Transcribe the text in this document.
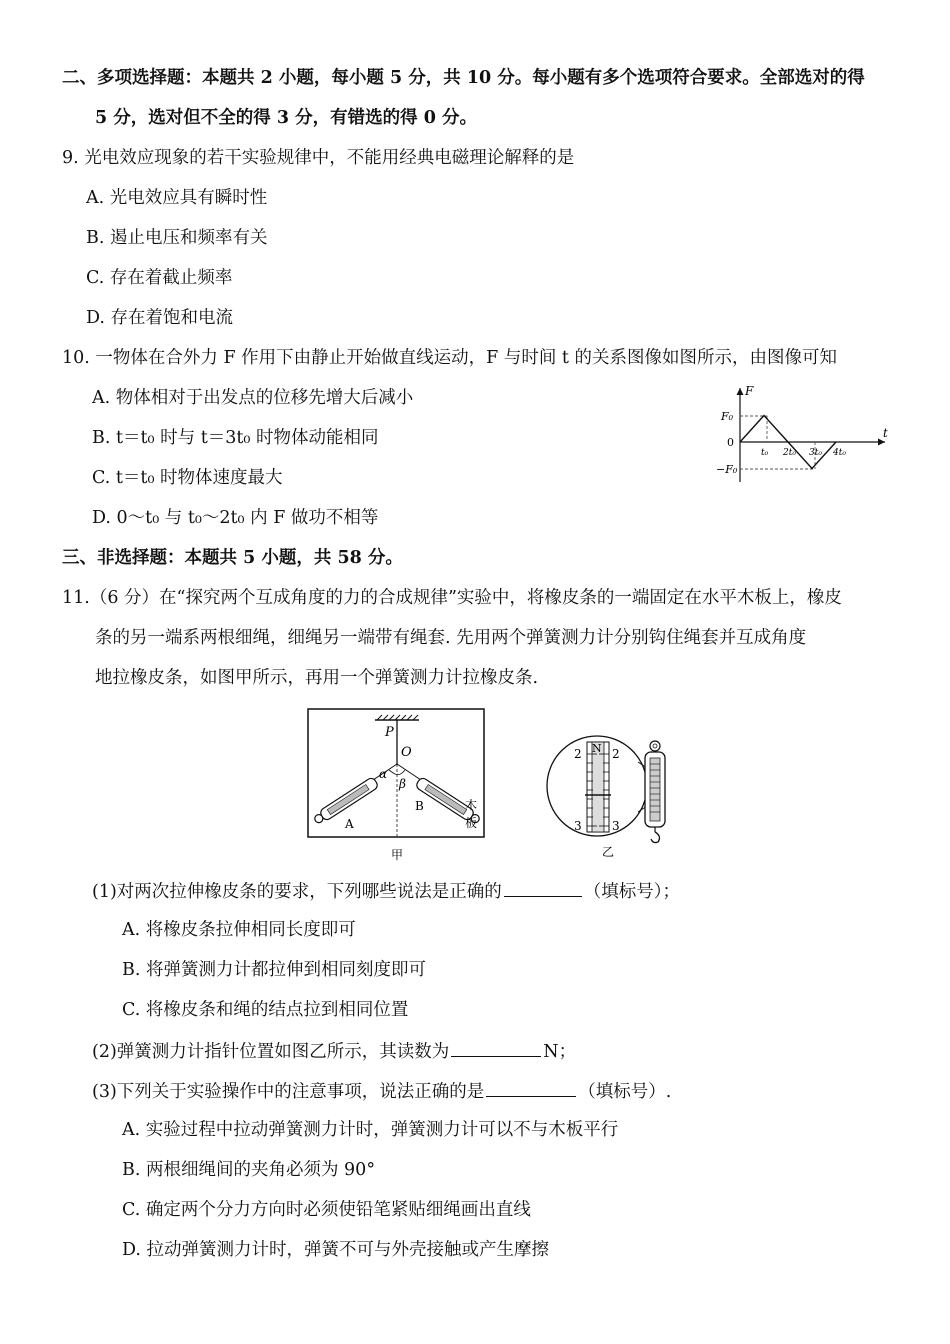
二、多项选择题：本题共 2 小题，每小题 5 分，共 10 分。每小题有多个选项符合要求。全部选对的得
5 分，选对但不全的得 3 分，有错选的得 0 分。
9. 光电效应现象的若干实验规律中，不能用经典电磁理论解释的是
A. 光电效应具有瞬时性
B. 遏止电压和频率有关
C. 存在着截止频率
D. 存在着饱和电流
10. 一物体在合外力 F 作用下由静止开始做直线运动，F 与时间 t 的关系图像如图所示，由图像可知
A. 物体相对于出发点的位移先增大后减小
B. t＝t₀ 时与 t＝3t₀ 时物体动能相同
C. t＝t₀ 时物体速度最大
D. 0～t₀ 与 t₀～2t₀ 内 F 做功不相等
F
t
F₀
0
−F₀
t₀ 2t₀ 3t₀ 4t₀
三、非选择题：本题共 5 小题，共 58 分。
11.（6 分）在“探究两个互成角度的力的合成规律”实验中，将橡皮条的一端固定在水平木板上，橡皮
条的另一端系两根细绳，细绳另一端带有绳套. 先用两个弹簧测力计分别钩住绳套并互成角度
地拉橡皮条，如图甲所示，再用一个弹簧测力计拉橡皮条.
P
O
α
β
A
B	木
板
甲
N
2	2
3	3
乙
(1)对两次拉伸橡皮条的要求，下列哪些说法是正确的	（填标号）；
A. 将橡皮条拉伸相同长度即可
B. 将弹簧测力计都拉伸到相同刻度即可
C. 将橡皮条和绳的结点拉到相同位置
(2)弹簧测力计指针位置如图乙所示，其读数为	N；
(3)下列关于实验操作中的注意事项，说法正确的是	（填标号）.
A. 实验过程中拉动弹簧测力计时，弹簧测力计可以不与木板平行
B. 两根细绳间的夹角必须为 90°
C. 确定两个分力方向时必须使铅笔紧贴细绳画出直线
D. 拉动弹簧测力计时，弹簧不可与外壳接触或产生摩擦
